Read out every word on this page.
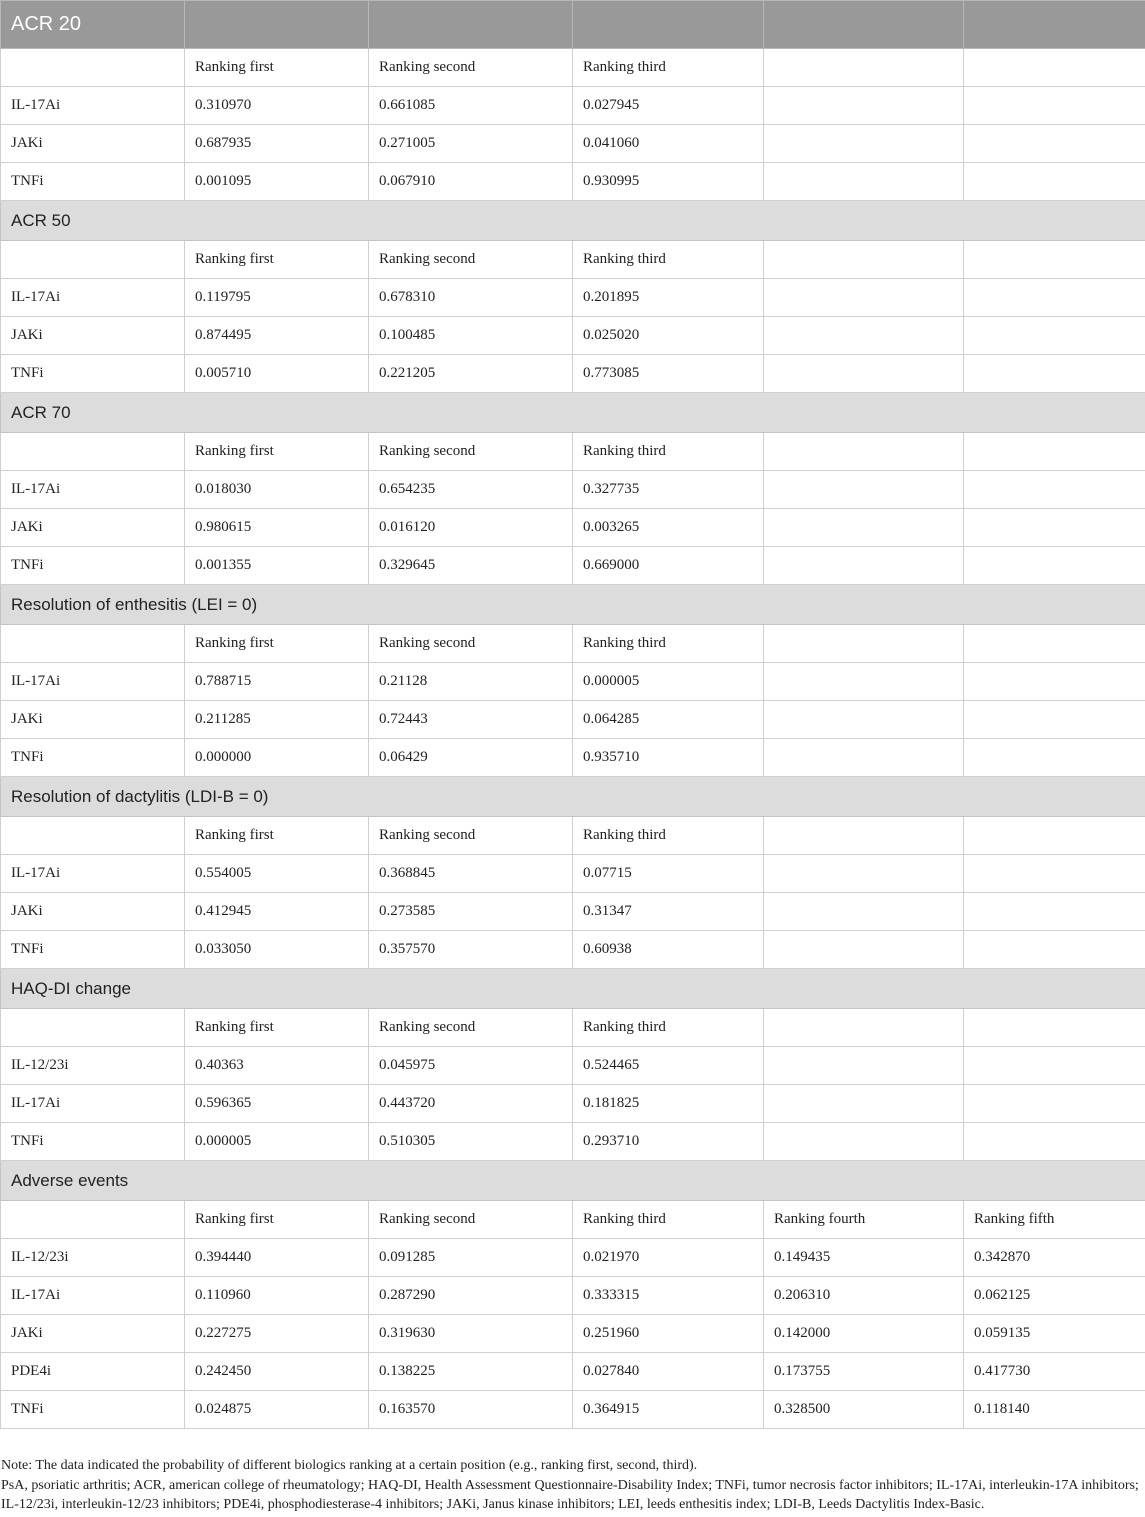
ACR 20					
	Ranking first	Ranking second	Ranking third		
IL-17Ai	0.310970	0.661085	0.027945		
JAKi	0.687935	0.271005	0.041060		
TNFi	0.001095	0.067910	0.930995		
ACR 50					
	Ranking first	Ranking second	Ranking third		
IL-17Ai	0.119795	0.678310	0.201895		
JAKi	0.874495	0.100485	0.025020		
TNFi	0.005710	0.221205	0.773085		
ACR 70					
	Ranking first	Ranking second	Ranking third		
IL-17Ai	0.018030	0.654235	0.327735		
JAKi	0.980615	0.016120	0.003265		
TNFi	0.001355	0.329645	0.669000		
Resolution of enthesitis (LEI = 0)					
	Ranking first	Ranking second	Ranking third		
IL-17Ai	0.788715	0.21128	0.000005		
JAKi	0.211285	0.72443	0.064285		
TNFi	0.000000	0.06429	0.935710		
Resolution of dactylitis (LDI-B = 0)					
	Ranking first	Ranking second	Ranking third		
IL-17Ai	0.554005	0.368845	0.07715		
JAKi	0.412945	0.273585	0.31347		
TNFi	0.033050	0.357570	0.60938		
HAQ-DI change					
	Ranking first	Ranking second	Ranking third		
IL-12/23i	0.40363	0.045975	0.524465		
IL-17Ai	0.596365	0.443720	0.181825		
TNFi	0.000005	0.510305	0.293710		
Adverse events					
	Ranking first	Ranking second	Ranking third	Ranking fourth	Ranking fifth
IL-12/23i	0.394440	0.091285	0.021970	0.149435	0.342870
IL-17Ai	0.110960	0.287290	0.333315	0.206310	0.062125
JAKi	0.227275	0.319630	0.251960	0.142000	0.059135
PDE4i	0.242450	0.138225	0.027840	0.173755	0.417730
TNFi	0.024875	0.163570	0.364915	0.328500	0.118140

Note: The data indicated the probability of different biologics ranking at a certain position (e.g., ranking first, second, third).

PsA, psoriatic arthritis; ACR, american college of rheumatology; HAQ-DI, Health Assessment Questionnaire-Disability Index; TNFi, tumor necrosis factor inhibitors; IL-17Ai, interleukin-17A inhibitors; IL-12/23i, interleukin-12/23 inhibitors; PDE4i, phosphodiesterase-4 inhibitors; JAKi, Janus kinase inhibitors; LEI, leeds enthesitis index; LDI-B, Leeds Dactylitis Index-Basic.
